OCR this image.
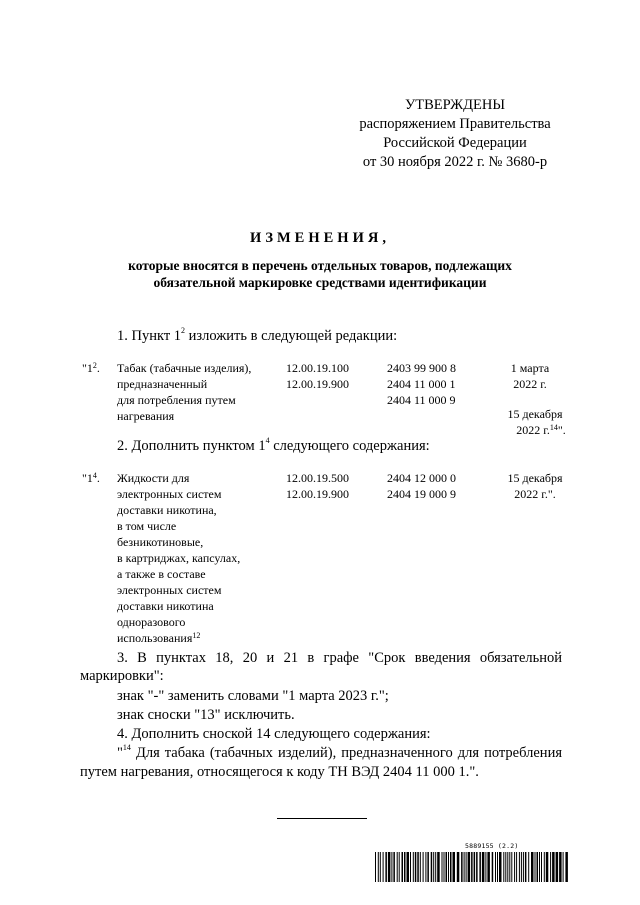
УТВЕРЖДЕНЫ
распоряжением Правительства
Российской Федерации
от 30 ноября 2022 г. № 3680-р
ИЗМЕНЕНИЯ,
которые вносятся в перечень отдельных товаров, подлежащих
обязательной маркировке средствами идентификации
1. Пункт $1^2$ изложить в следующей редакции:
"$1^2$. Табак (табачные изделия),
предназначенный
для потребления путем
нагревания
12.00.19.100
12.00.19.900
2403 99 900 8
2404 11 000 1
2404 11 000 9
1 марта
2022 г.
15 декабря
2022 г.$^{14}$".
2. Дополнить пунктом $1^4$ следующего содержания:
"$1^4$. Жидкости для
электронных систем
доставки никотина,
в том числе
безникотиновые,
в картриджах, капсулах,
а также в составе
электронных систем
доставки никотина
одноразового
использования$^{12}$
12.00.19.500
12.00.19.900
2404 12 000 0
2404 19 000 9
15 декабря
2022 г.".
3. В пунктах 18, 20 и 21 в графе "Срок введения обязательной
маркировки":
знак "-" заменить словами "1 марта 2023 г.";
знак сноски "13" исключить.
4. Дополнить сноской 14 следующего содержания:
"$^{14}$ Для табака (табачных изделий), предназначенного для потребления
путем нагревания, относящегося к коду ТН ВЭД 2404 11 000 1.".
5889155 (2.2)
